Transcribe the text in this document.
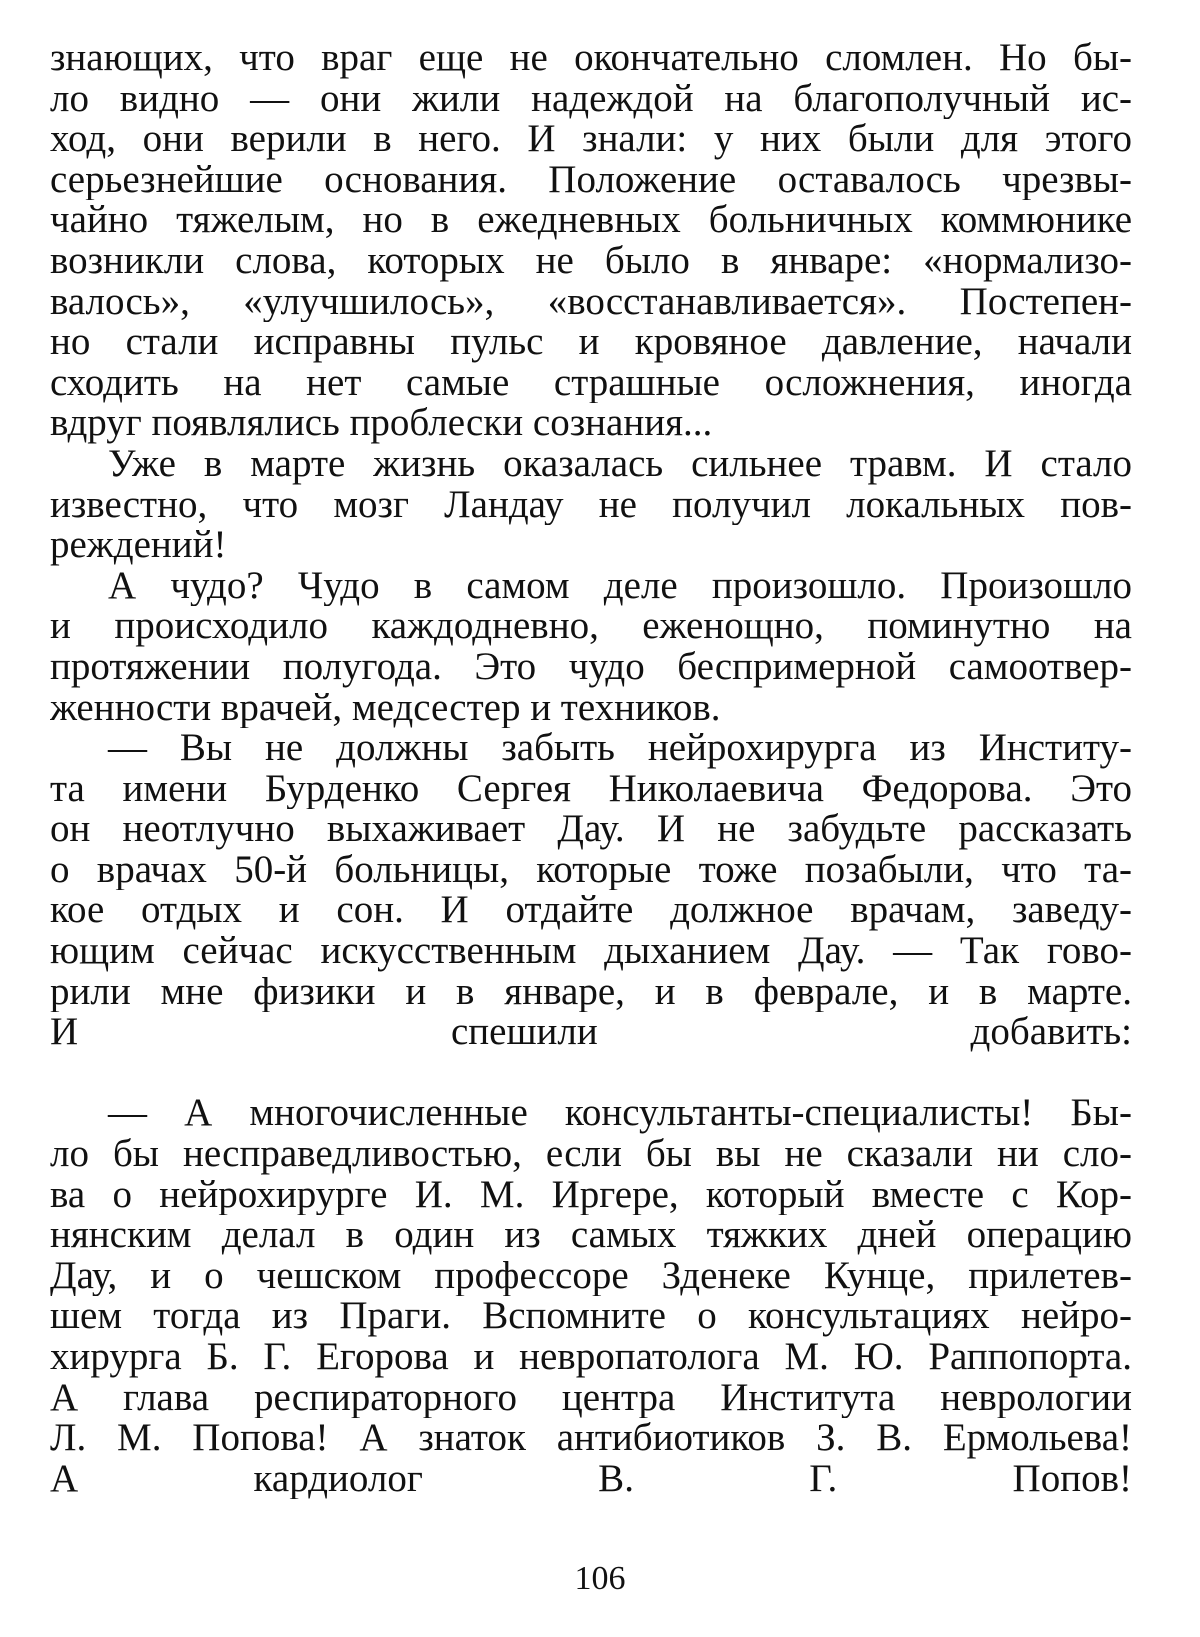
знающих, что враг еще не окончательно сломлен. Но бы-
ло видно — они жили надеждой на благополучный ис-
ход, они верили в него. И знали: у них были для этого
серьезнейшие основания. Положение оставалось чрезвы-
чайно тяжелым, но в ежедневных больничных коммюнике
возникли слова, которых не было в январе: «нормализо-
валось», «улучшилось», «восстанавливается». Постепен-
но стали исправны пульс и кровяное давление, начали
сходить на нет самые страшные осложнения, иногда
вдруг появлялись проблески сознания...
Уже в марте жизнь оказалась сильнее травм. И стало
известно, что мозг Ландау не получил локальных пов-
реждений!
А чудо? Чудо в самом деле произошло. Произошло
и происходило каждодневно, еженощно, поминутно на
протяжении полугода. Это чудо беспримерной самоотвер-
женности врачей, медсестер и техников.
— Вы не должны забыть нейрохирурга из Институ-
та имени Бурденко Сергея Николаевича Федорова. Это
он неотлучно выхаживает Дау. И не забудьте рассказать
о врачах 50-й больницы, которые тоже позабыли, что та-
кое отдых и сон. И отдайте должное врачам, заведу-
ющим сейчас искусственным дыханием Дау. — Так гово-
рили мне физики и в январе, и в феврале, и в марте.
И спешили добавить:
— А многочисленные консультанты-специалисты! Бы-
ло бы несправедливостью, если бы вы не сказали ни сло-
ва о нейрохирурге И. М. Иргере, который вместе с Кор-
нянским делал в один из самых тяжких дней операцию
Дау, и о чешском профессоре Зденеке Кунце, прилетев-
шем тогда из Праги. Вспомните о консультациях нейро-
хирурга Б. Г. Егорова и невропатолога М. Ю. Раппопорта.
А глава респираторного центра Института неврологии
Л. М. Попова! А знаток антибиотиков З. В. Ермольева!
А кардиолог В. Г. Попов!
106
